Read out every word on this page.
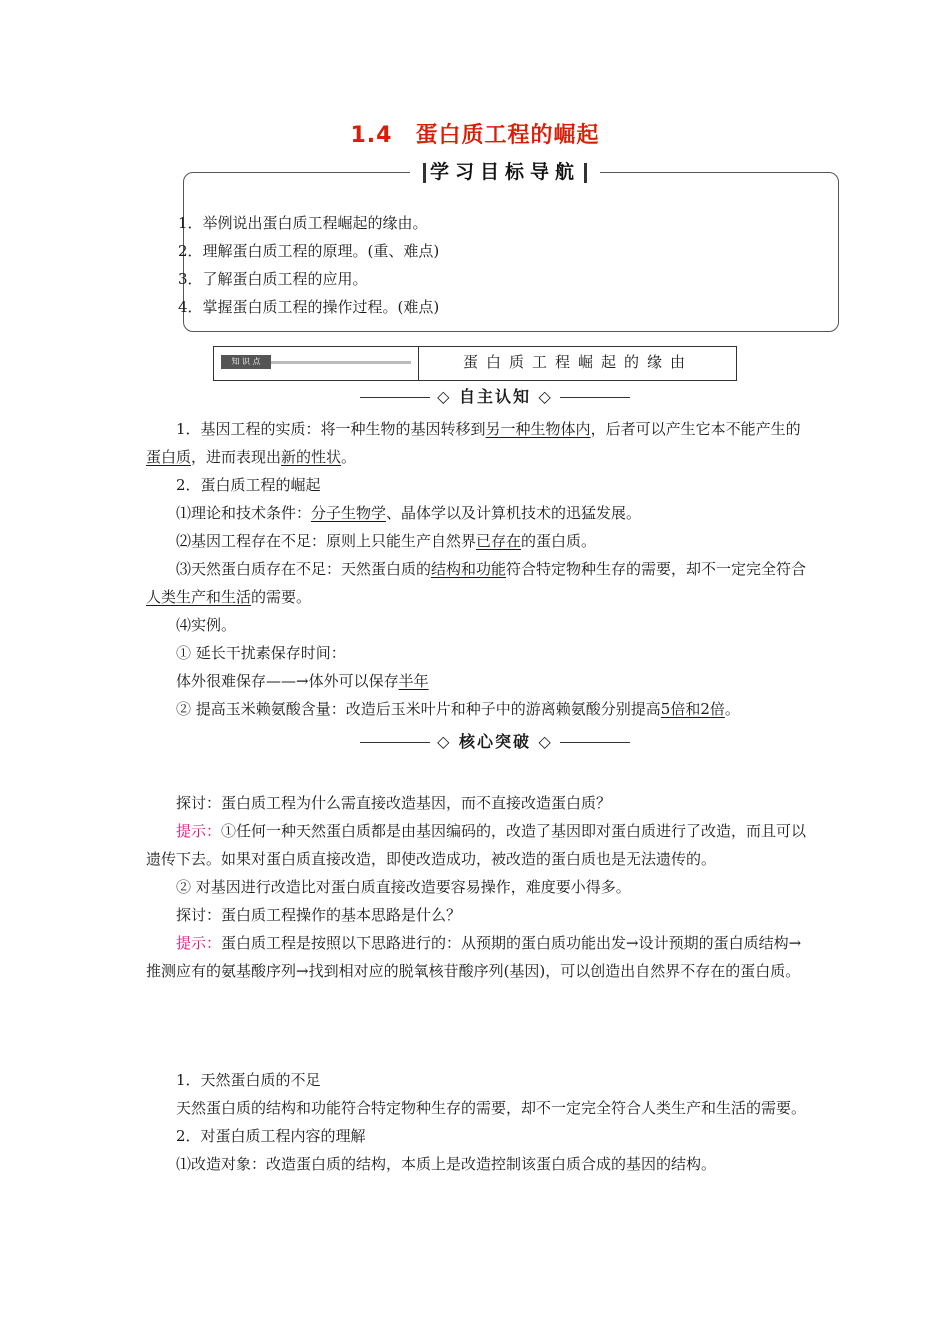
1.4　蛋白质工程的崛起
学习目标导航
1．举例说出蛋白质工程崛起的缘由。
2．理解蛋白质工程的原理。(重、难点)
3．了解蛋白质工程的应用。
4．掌握蛋白质工程的操作过程。(难点)
知 识 点	蛋白质工程崛起的缘由
◇ 自主认知 ◇

1．基因工程的实质：将一种生物的基因转移到另一种生物体内，后者可以产生它本不能产生的蛋白质，进而表现出新的性状。

2．蛋白质工程的崛起

⑴理论和技术条件：分子生物学、晶体学以及计算机技术的迅猛发展。

⑵基因工程存在不足：原则上只能生产自然界已存在的蛋白质。

⑶天然蛋白质存在不足：天然蛋白质的结构和功能符合特定物种生存的需要，却不一定完全符合人类生产和生活的需要。

⑷实例。

① 延长干扰素保存时间：

体外很难保存——→体外可以保存半年

② 提高玉米赖氨酸含量：改造后玉米叶片和种子中的游离赖氨酸分别提高5倍和2倍。

◇ 核心突破 ◇

探讨：蛋白质工程为什么需直接改造基因，而不直接改造蛋白质？

提示：①任何一种天然蛋白质都是由基因编码的，改造了基因即对蛋白质进行了改造，而且可以遗传下去。如果对蛋白质直接改造，即使改造成功，被改造的蛋白质也是无法遗传的。

② 对基因进行改造比对蛋白质直接改造要容易操作，难度要小得多。

探讨：蛋白质工程操作的基本思路是什么？

提示：蛋白质工程是按照以下思路进行的：从预期的蛋白质功能出发→设计预期的蛋白质结构→推测应有的氨基酸序列→找到相对应的脱氧核苷酸序列(基因)，可以创造出自然界不存在的蛋白质。

1．天然蛋白质的不足

天然蛋白质的结构和功能符合特定物种生存的需要，却不一定完全符合人类生产和生活的需要。

2．对蛋白质工程内容的理解

⑴改造对象：改造蛋白质的结构，本质上是改造控制该蛋白质合成的基因的结构。
